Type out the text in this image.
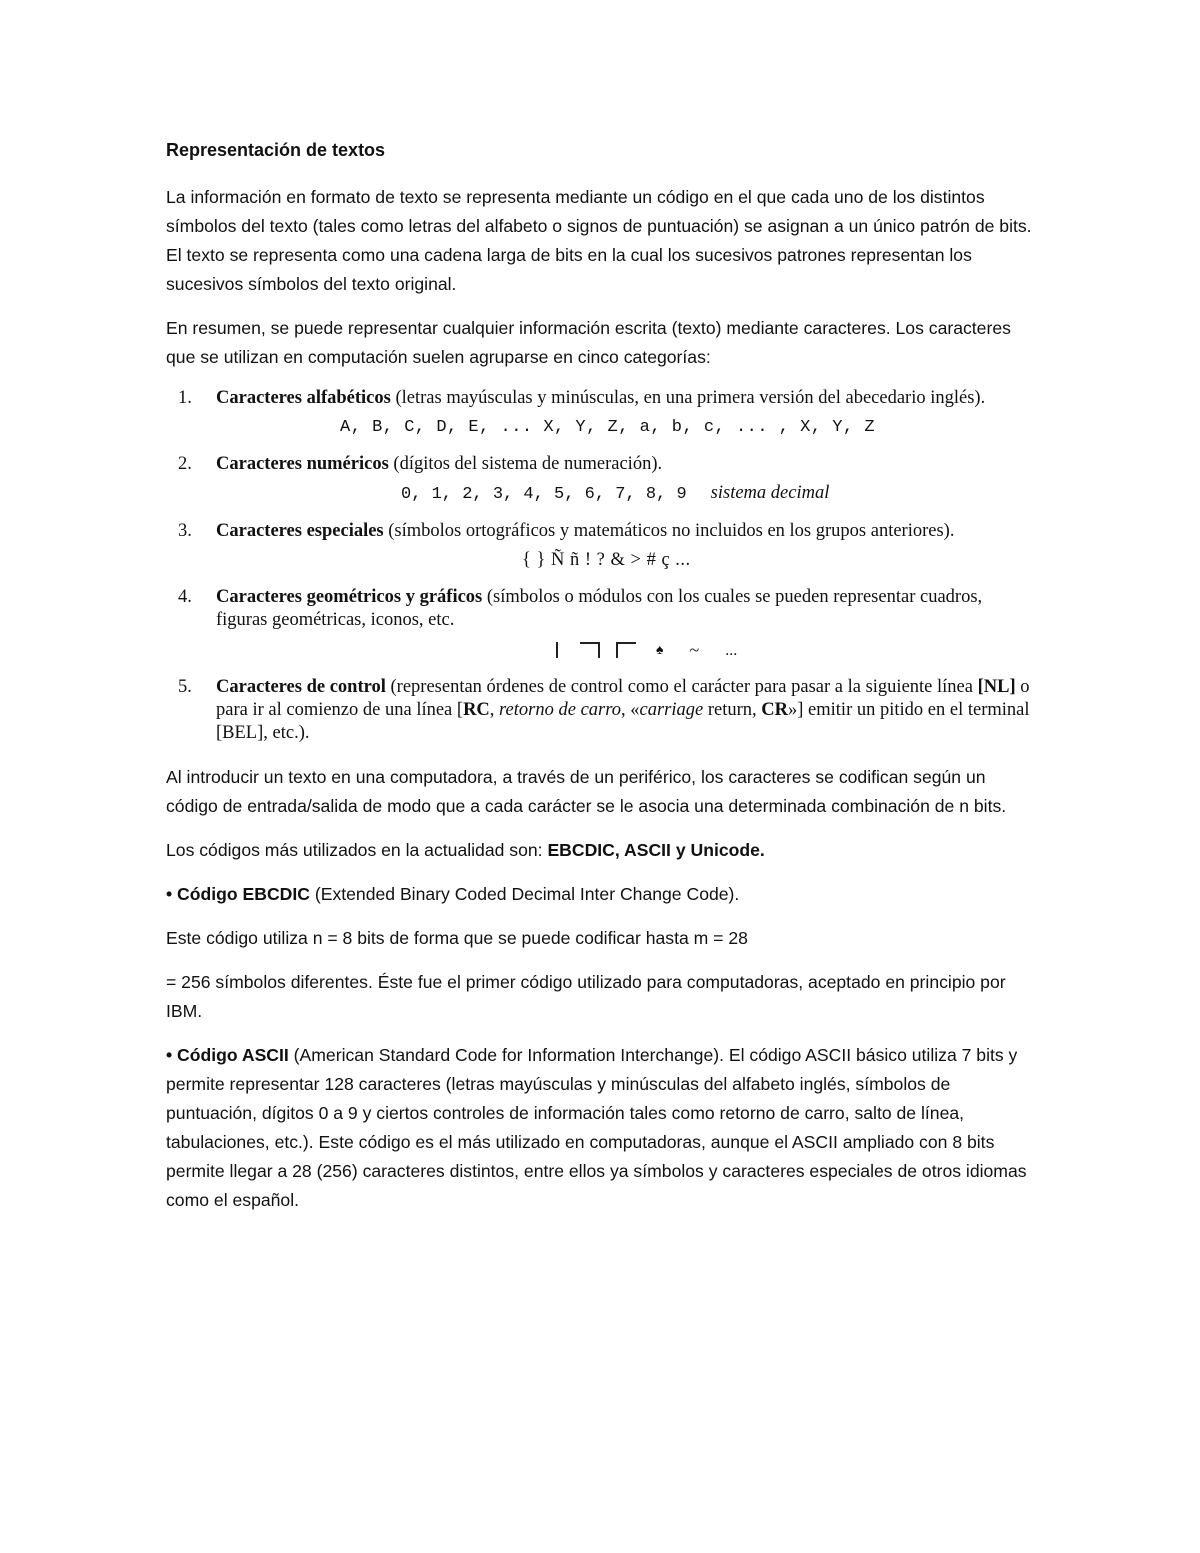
Representación de textos
La información en formato de texto se representa mediante un código en el que cada uno de los distintos símbolos del texto (tales como letras del alfabeto o signos de puntuación) se asignan a un único patrón de bits. El texto se representa como una cadena larga de bits en la cual los sucesivos patrones representan los sucesivos símbolos del texto original.
En resumen, se puede representar cualquier información escrita (texto) mediante caracteres. Los caracteres que se utilizan en computación suelen agruparse en cinco categorías:
1.	Caracteres alfabéticos (letras mayúsculas y minúsculas, en una primera versión del abecedario inglés).
A, B, C, D, E, ... X, Y, Z, a, b, c, ... , X, Y, Z
2.	Caracteres numéricos (dígitos del sistema de numeración).
0, 1, 2, 3, 4, 5, 6, 7, 8, 9 sistema decimal
3.	Caracteres especiales (símbolos ortográficos y matemáticos no incluidos en los grupos anteriores).
{ } Ñ ñ ! ? & > # ç ...
4.	Caracteres geométricos y gráficos (símbolos o módulos con los cuales se pueden representar cuadros, figuras geométricas, iconos, etc.
♠ ~ ...
5.	Caracteres de control (representan órdenes de control como el carácter para pasar a la siguiente línea [NL] o para ir al comienzo de una línea [RC, retorno de carro, «carriage return, CR»] emitir un pitido en el terminal [BEL], etc.).
Al introducir un texto en una computadora, a través de un periférico, los caracteres se codifican según un código de entrada/salida de modo que a cada carácter se le asocia una determinada combinación de n bits.
Los códigos más utilizados en la actualidad son: EBCDIC, ASCII y Unicode.
• Código EBCDIC (Extended Binary Coded Decimal Inter Change Code).
Este código utiliza n = 8 bits de forma que se puede codificar hasta m = 28
= 256 símbolos diferentes. Éste fue el primer código utilizado para computadoras, aceptado en principio por IBM.
• Código ASCII (American Standard Code for Information Interchange). El código ASCII básico utiliza 7 bits y permite representar 128 caracteres (letras mayúsculas y minúsculas del alfabeto inglés, símbolos de puntuación, dígitos 0 a 9 y ciertos controles de información tales como retorno de carro, salto de línea, tabulaciones, etc.). Este código es el más utilizado en computadoras, aunque el ASCII ampliado con 8 bits permite llegar a 28 (256) caracteres distintos, entre ellos ya símbolos y caracteres especiales de otros idiomas como el español.
